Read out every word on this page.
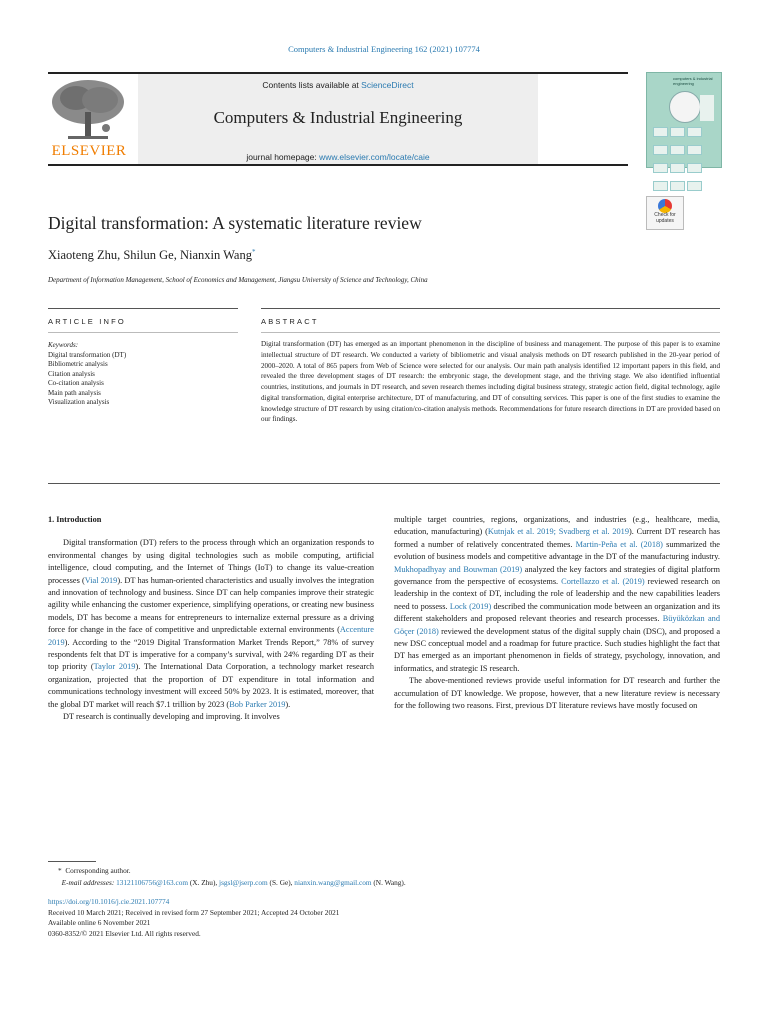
Computers & Industrial Engineering 162 (2021) 107774
ELSEVIER
Contents lists available at ScienceDirect
Computers & Industrial Engineering
journal homepage: www.elsevier.com/locate/caie
computers & industrial engineering
Digital transformation: A systematic literature review	Check for
updates
Xiaoteng Zhu, Shilun Ge, Nianxin Wang*
Department of Information Management, School of Economics and Management, Jiangsu University of Science and Technology, China
ARTICLE INFO	ABSTRACT
Keywords:
Digital transformation (DT)
Bibliometric analysis
Citation analysis
Co-citation analysis
Main path analysis
Visualization analysis
Digital transformation (DT) has emerged as an important phenomenon in the discipline of business and management. The purpose of this paper is to examine intellectual structure of DT research. We conducted a variety of bibliometric and visual analysis methods on DT research published in the 20-year period of 2000–2020. A total of 865 papers from Web of Science were selected for our analysis. Our main path analysis identified 12 important papers in this field, and revealed the three development stages of DT research: the embryonic stage, the development stage, and the thriving stage. We also identified influential countries, institutions, and journals in DT research, and seven research themes including digital business strategy, strategic action field, digital technology, agile digital transformation, digital enterprise architecture, DT of manufacturing, and DT of consulting services. This paper is one of the first studies to examine the knowledge structure of DT research by using citation/co-citation analysis methods. Recommendations for future research directions in DT are provided based on our findings.
1. Introduction

Digital transformation (DT) refers to the process through which an organization responds to environmental changes by using digital technologies such as mobile computing, artificial intelligence, cloud computing, and the Internet of Things (IoT) to change its value-creation processes (Vial 2019). DT has human-oriented characteristics and usually involves the integration and innovation of technology and business. Since DT can help companies improve their strategic agility while enhancing the customer experience, simplifying operations, or creating new business models, DT has become a means for entrepreneurs to internalize external pressure as a driving force for change in the face of competitive and unpredictable external environments (Accenture 2019). According to the “2019 Digital Transformation Market Trends Report,” 78% of survey respondents felt that DT is imperative for a company’s survival, with 24% regarding DT as their top priority (Taylor 2019). The International Data Corporation, a technology market research organization, projected that the proportion of DT expenditure in total information and communications technology investment will exceed 50% by 2023. It is estimated, moreover, that the global DT market will reach $7.1 trillion by 2023 (Bob Parker 2019).

DT research is continually developing and improving. It involves

multiple target countries, regions, organizations, and industries (e.g., healthcare, media, education, manufacturing) (Kutnjak et al. 2019; Svadberg et al. 2019). Current DT research has formed a number of relatively concentrated themes. Martin-Peña et al. (2018) summarized the evolution of business models and competitive advantage in the DT of the manufacturing industry. Mukhopadhyay and Bouwman (2019) analyzed the key factors and strategies of digital platform governance from the perspective of ecosystems. Cortellazzo et al. (2019) reviewed research on leadership in the context of DT, including the role of leadership and the new capabilities leaders need to possess. Lock (2019) described the communication mode between an organization and its different stakeholders and proposed relevant theories and research processes. Büyüközkan and Göçer (2018) reviewed the development status of the digital supply chain (DSC), and proposed a new DSC conceptual model and a roadmap for future practice. Such studies highlight the fact that DT has emerged as an important phenomenon in fields of strategy, psychology, innovation, and informatics, and strategic IS research.

The above-mentioned reviews provide useful information for DT research and further the accumulation of DT knowledge. We propose, however, that a new literature review is necessary for the following two reasons. First, previous DT literature reviews have mostly focused on

* Corresponding author.
E-mail addresses: 13121106756@163.com (X. Zhu), jsgsl@jserp.com (S. Ge), nianxin.wang@gmail.com (N. Wang).
https://doi.org/10.1016/j.cie.2021.107774
Received 10 March 2021; Received in revised form 27 September 2021; Accepted 24 October 2021
Available online 6 November 2021
0360-8352/© 2021 Elsevier Ltd. All rights reserved.
